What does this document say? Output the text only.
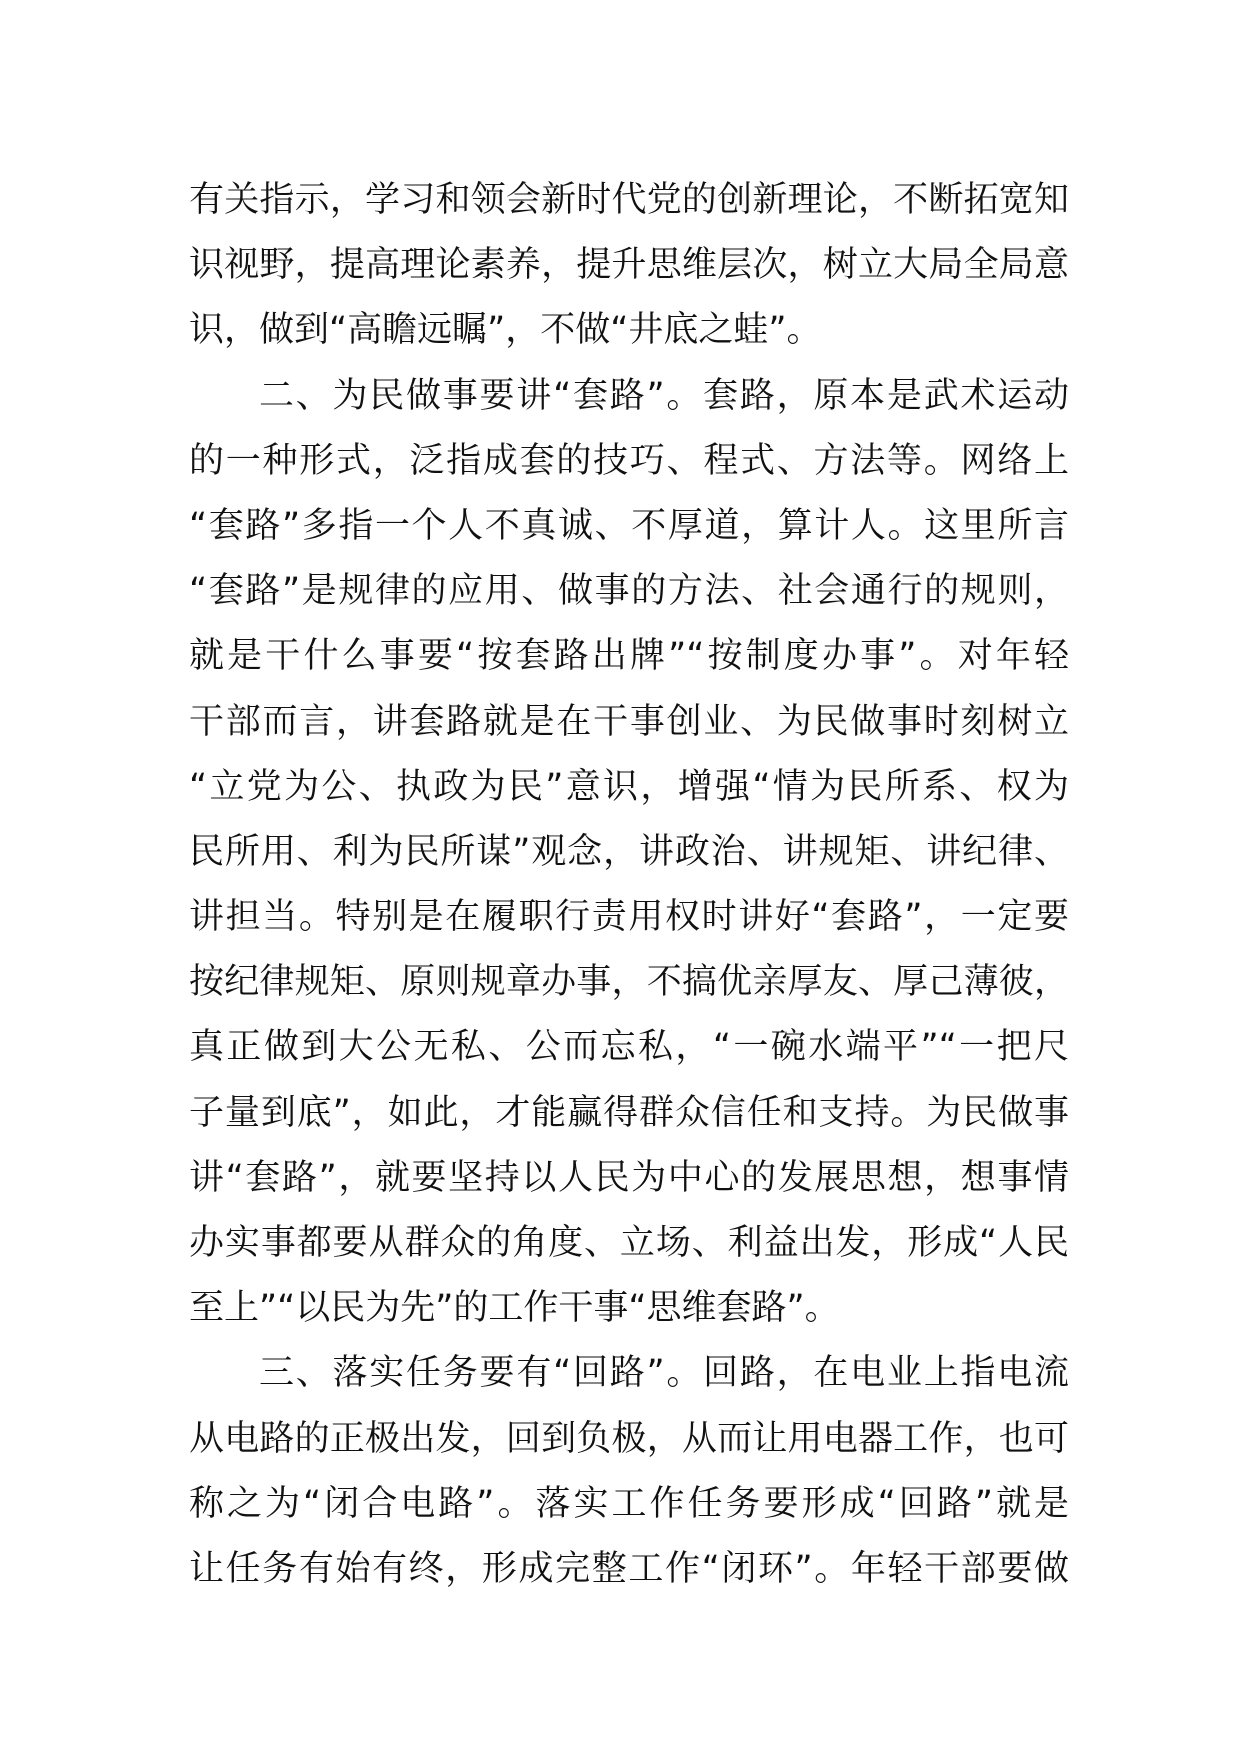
有关指示，学习和领会新时代党的创新理论，不断拓宽知
识视野，提高理论素养，提升思维层次，树立大局全局意
识，做到“高瞻远瞩”，不做“井底之蛙”。
二、为民做事要讲“套路”。套路，原本是武术运动
的一种形式，泛指成套的技巧、程式、方法等。网络上
“套路”多指一个人不真诚、不厚道，算计人。这里所言
“套路”是规律的应用、做事的方法、社会通行的规则，
就是干什么事要“按套路出牌”“按制度办事”。对年轻
干部而言，讲套路就是在干事创业、为民做事时刻树立
“立党为公、执政为民”意识，增强“情为民所系、权为
民所用、利为民所谋”观念，讲政治、讲规矩、讲纪律、
讲担当。特别是在履职行责用权时讲好“套路”，一定要
按纪律规矩、原则规章办事，不搞优亲厚友、厚己薄彼，
真正做到大公无私、公而忘私，“一碗水端平”“一把尺
子量到底”，如此，才能赢得群众信任和支持。为民做事
讲“套路”，就要坚持以人民为中心的发展思想，想事情
办实事都要从群众的角度、立场、利益出发，形成“人民
至上”“以民为先”的工作干事“思维套路”。
三、落实任务要有“回路”。回路，在电业上指电流
从电路的正极出发，回到负极，从而让用电器工作，也可
称之为“闭合电路”。落实工作任务要形成“回路”就是
让任务有始有终，形成完整工作“闭环”。年轻干部要做
